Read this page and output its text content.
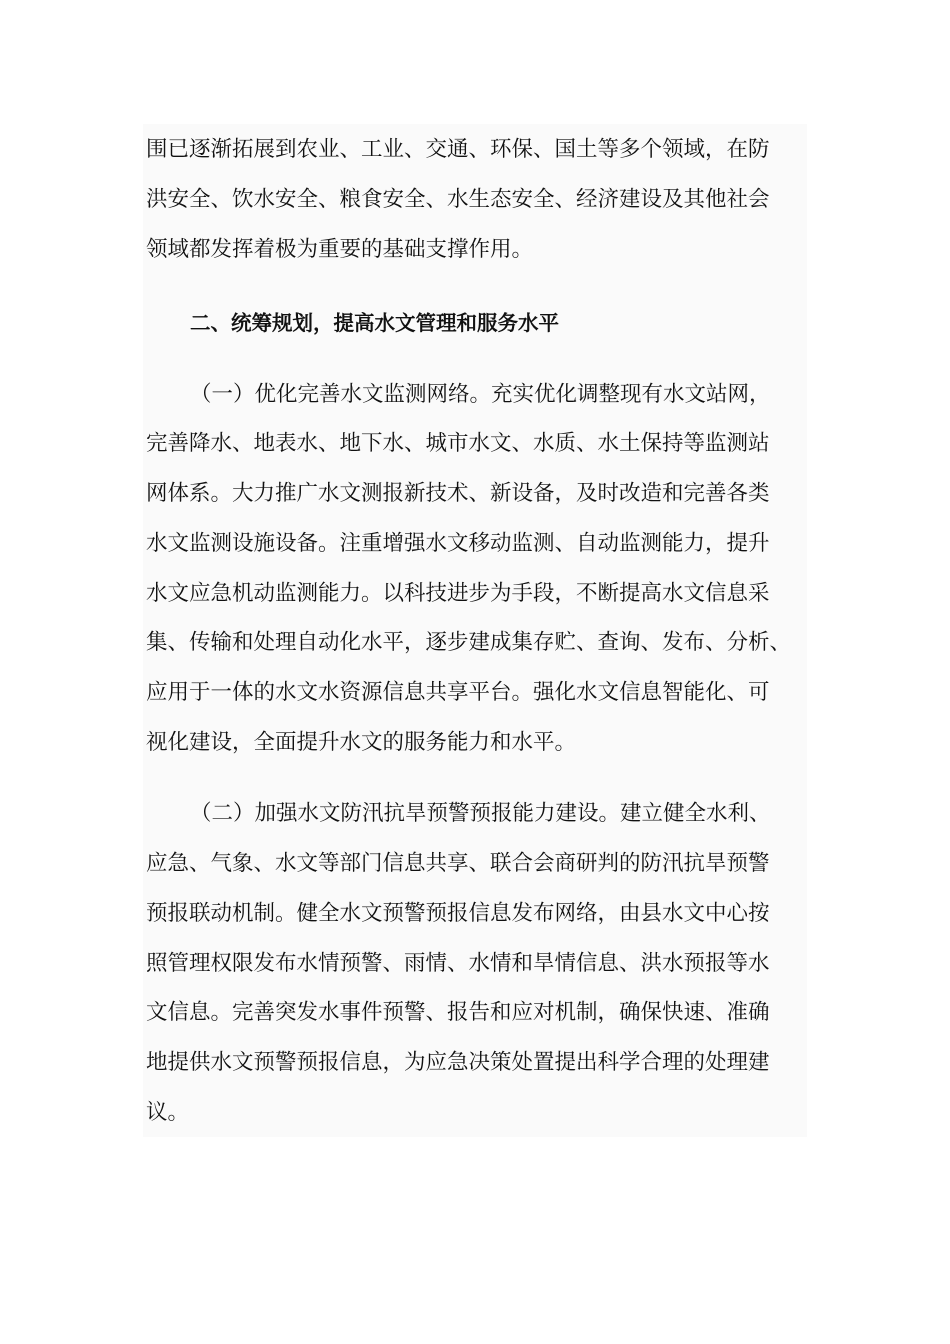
围已逐渐拓展到农业、工业、交通、环保、国土等多个领域，在防
洪安全、饮水安全、粮食安全、水生态安全、经济建设及其他社会
领域都发挥着极为重要的基础支撑作用。
二、统筹规划，提高水文管理和服务水平
（一）优化完善水文监测网络。充实优化调整现有水文站网，
完善降水、地表水、地下水、城市水文、水质、水土保持等监测站
网体系。大力推广水文测报新技术、新设备，及时改造和完善各类
水文监测设施设备。注重增强水文移动监测、自动监测能力，提升
水文应急机动监测能力。以科技进步为手段，不断提高水文信息采
集、传输和处理自动化水平，逐步建成集存贮、查询、发布、分析、
应用于一体的水文水资源信息共享平台。强化水文信息智能化、可
视化建设，全面提升水文的服务能力和水平。
（二）加强水文防汛抗旱预警预报能力建设。建立健全水利、
应急、气象、水文等部门信息共享、联合会商研判的防汛抗旱预警
预报联动机制。健全水文预警预报信息发布网络，由县水文中心按
照管理权限发布水情预警、雨情、水情和旱情信息、洪水预报等水
文信息。完善突发水事件预警、报告和应对机制，确保快速、准确
地提供水文预警预报信息，为应急决策处置提出科学合理的处理建
议。
